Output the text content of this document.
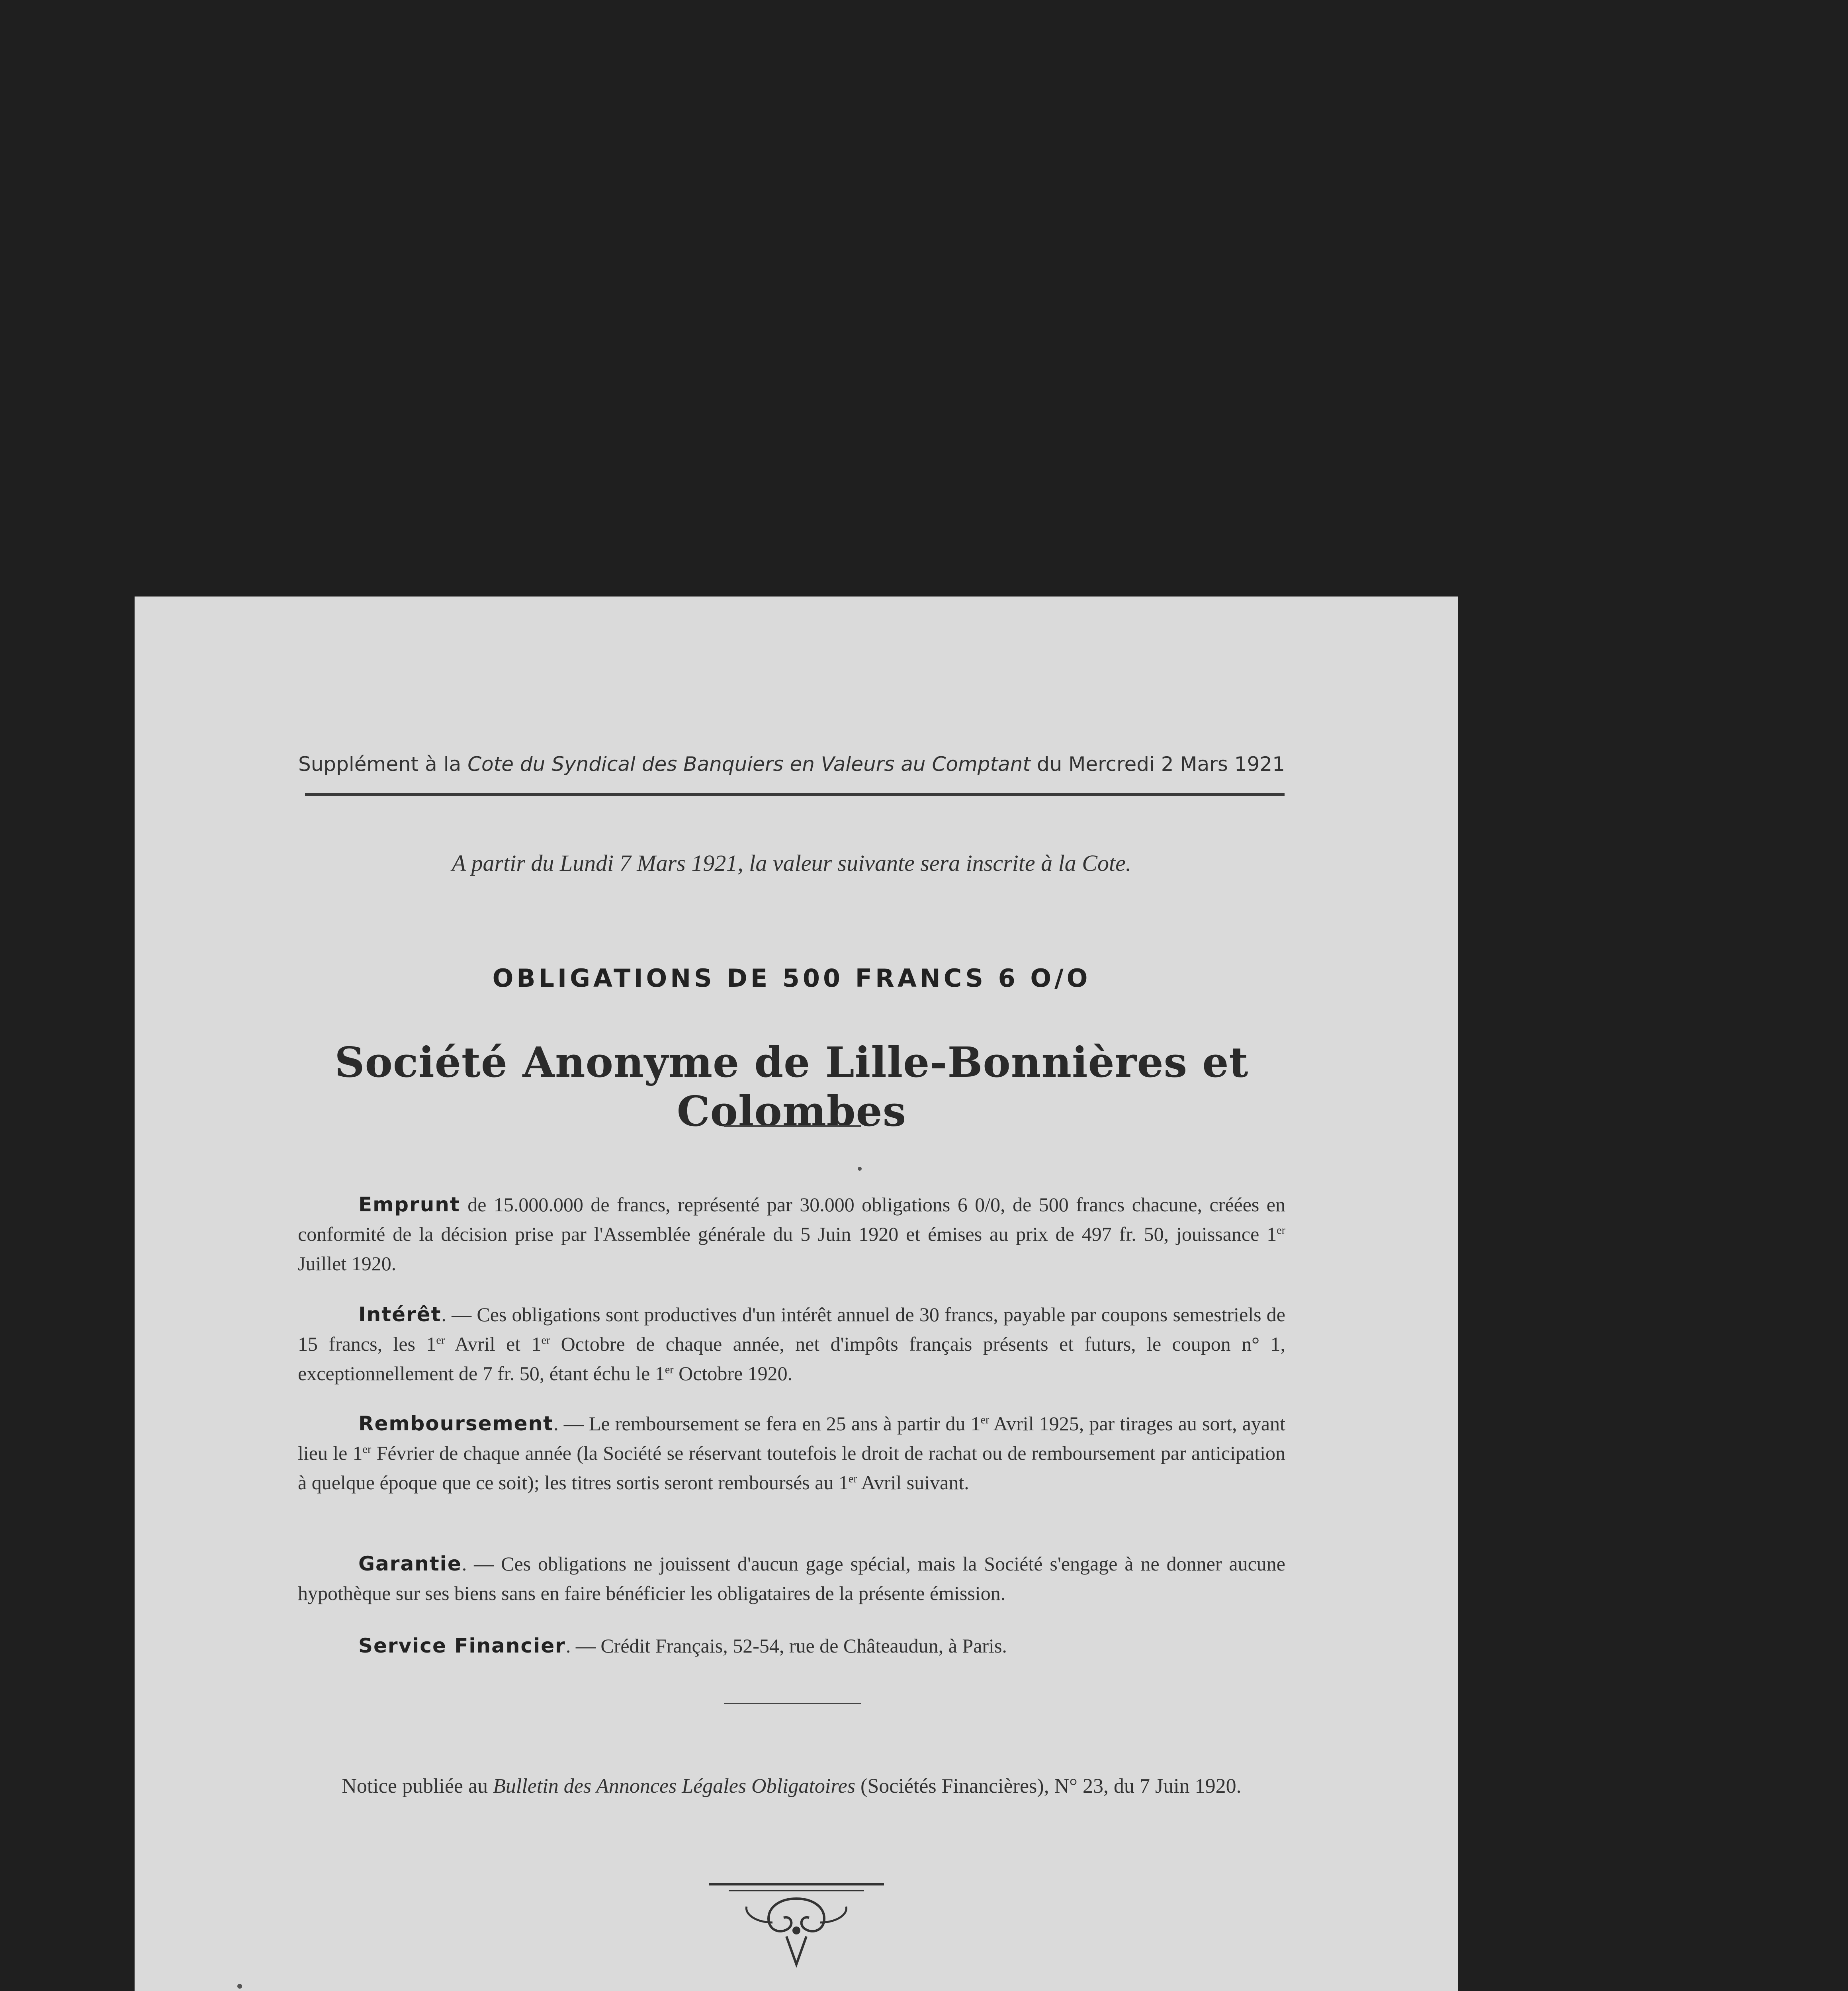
Supplément à la Cote du Syndical des Banquiers en Valeurs au Comptant du Mercredi 2 Mars 1921
A partir du Lundi 7 Mars 1921, la valeur suivante sera inscrite à la Cote.
OBLIGATIONS DE 500 FRANCS 6 O/O
Société Anonyme de Lille-Bonnières et Colombes
Emprunt de 15.000.000 de francs, représenté par 30.000 obligations 6 0/0, de 500 francs chacune, créées en conformité de la décision prise par l'Assemblée générale du 5 Juin 1920 et émises au prix de 497 fr. 50, jouissance 1er Juillet 1920.
Intérêt. — Ces obligations sont productives d'un intérêt annuel de 30 francs, payable par coupons semestriels de 15 francs, les 1er Avril et 1er Octobre de chaque année, net d'impôts français présents et futurs, le coupon n° 1, exceptionnellement de 7 fr. 50, étant échu le 1er Octobre 1920.
Remboursement. — Le remboursement se fera en 25 ans à partir du 1er Avril 1925, par tirages au sort, ayant lieu le 1er Février de chaque année (la Société se réservant toutefois le droit de rachat ou de remboursement par anticipation à quelque époque que ce soit); les titres sortis seront remboursés au 1er Avril suivant.
Garantie. — Ces obligations ne jouissent d'aucun gage spécial, mais la Société s'engage à ne donner aucune hypothèque sur ses biens sans en faire bénéficier les obligataires de la présente émission.
Service Financier. — Crédit Français, 52-54, rue de Châteaudun, à Paris.
Notice publiée au Bulletin des Annonces Légales Obligatoires (Sociétés Financières), N° 23, du 7 Juin 1920.
